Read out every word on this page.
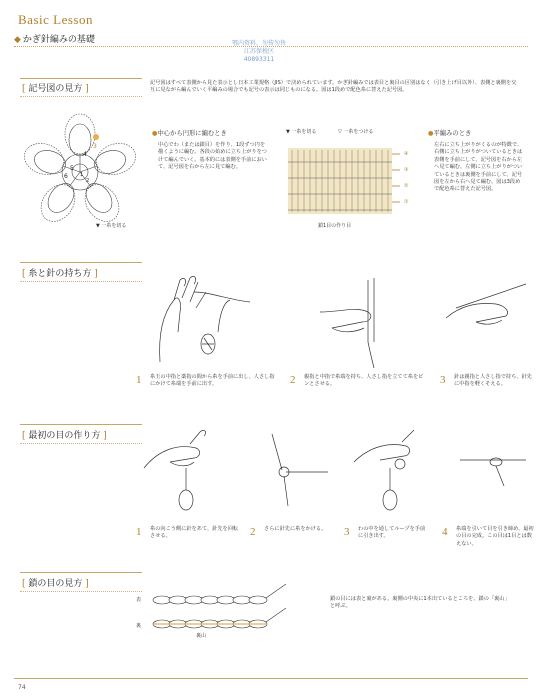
Basic Lesson
◆ かぎ針編みの基礎	鄂内资料，勿传勿售
江苏保税区
40893311
[ 記号図の見方 ]
記号図はすべて表側から見た表示とし日本工業規格（JIS）で決められています。かぎ針編みでは表目と裏目の区別はなく（引き上げ目以外）、表側と裏側を交互に見ながら編んでいく平編みの場合でも記号の表示は同じものになる。図は1段めで配色糸に替えた記号図。
3
4
5
6 1
2
▼ 一糸を切る
●中心から円形に編むとき
中心でわ（または鎖目）を作り、1段ずつ円を描くように編む。各段の始めに立ち上がりをつけて編んでいく。基本的には表側を手前において、記号図を右から左に見て編む。
▼ 一糸を切る	▽ 一糸をつける
④
③
②
①
鎖1目の作り目
●平編みのとき
左右に立ち上がりがくるのが特徴で、右側に立ち上がりがついているときは表側を手前にして、記号図を右から左へ見て編む。左側に立ち上がりがついているときは裏側を手前にして、記号図を左から右へ見て編む。図は3段めで配色糸に替えた記号図。
[ 糸と針の持ち方 ]
1 糸玉の中指と薬指の間から糸を手前に出し、人さし指にかけて糸端を手前に出す。	2 親指と中指で糸端を持ち、人さし指を立てて糸をピンとさせる。	3 針は親指と人さし指で持ち、針先に中指を軽くそえる。
[ 最初の目の作り方 ]
1 糸の向こう側に針をあて、針先を回転させる。	2 さらに針先に糸をかける。	3 わの中を通してループを手前に引き出す。	4 糸端を引いて目を引き締め、最初の目の完成。この目は1目とは数えない。
[ 鎖の目の見方 ]
表
裏
裏山
鎖の目には表と裏がある。裏側の中央に1本出ているところを、鎖の「裏山」と呼ぶ。
74
